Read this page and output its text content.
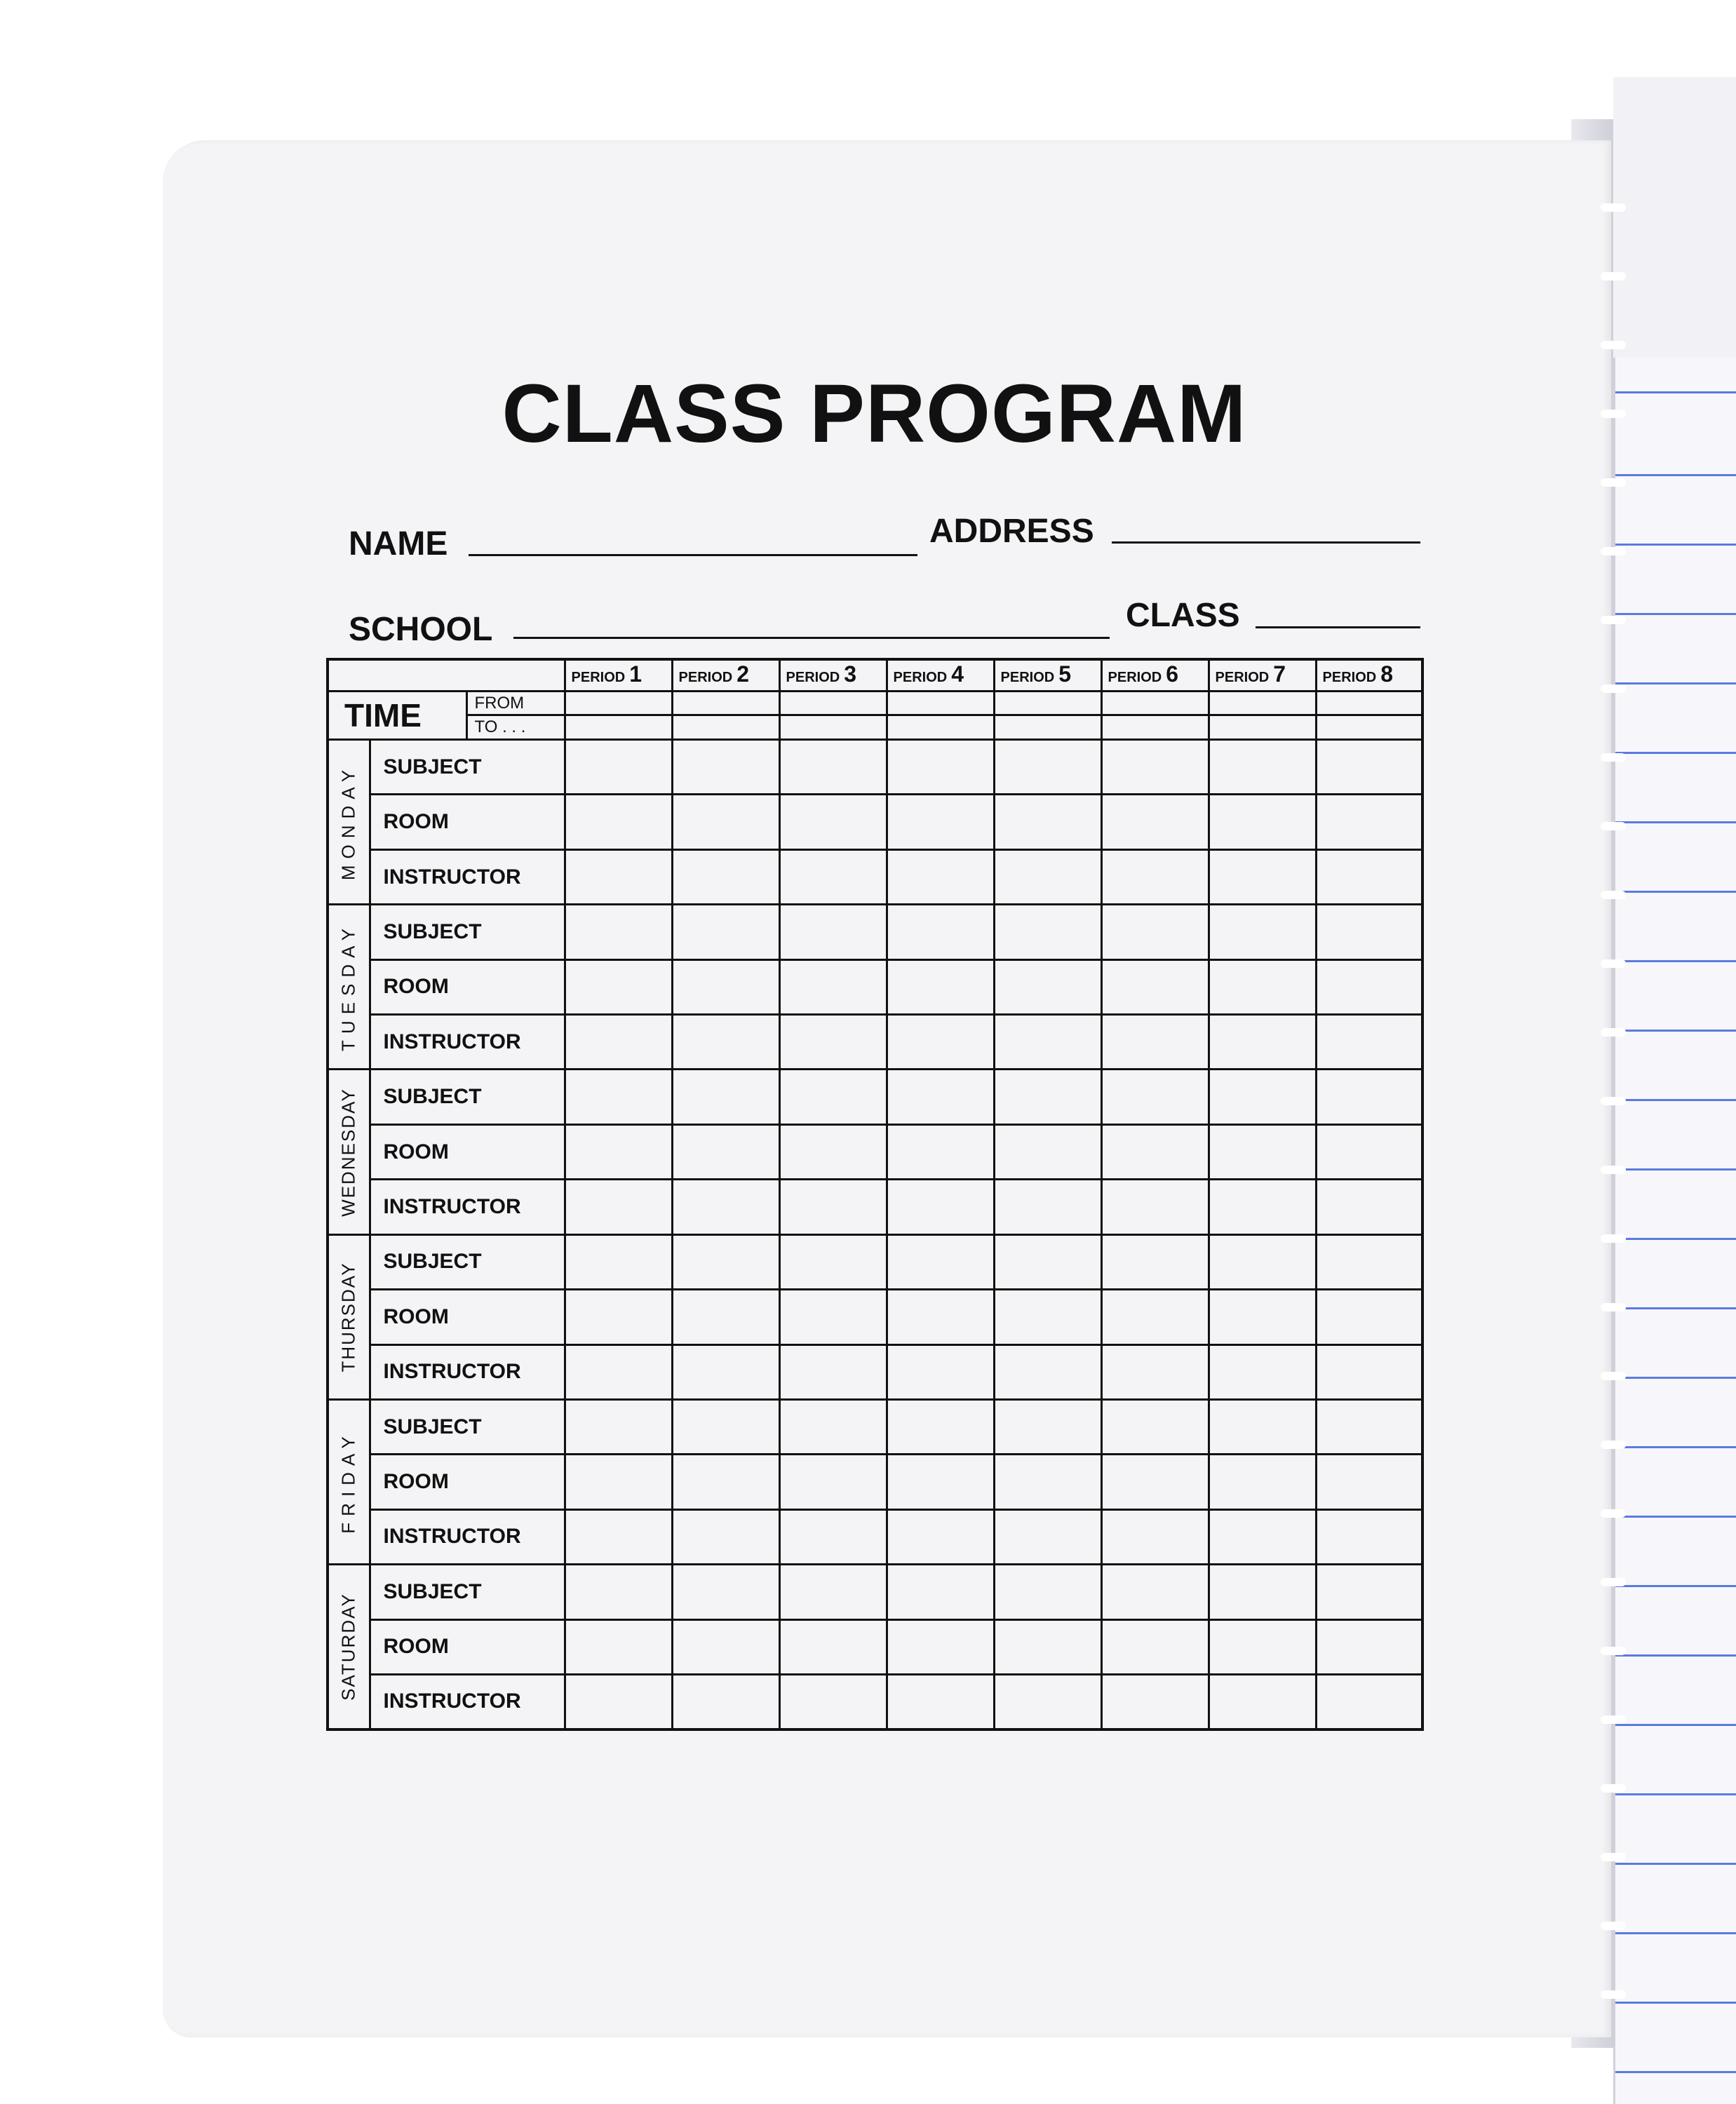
CLASS PROGRAM
NAME	ADDRESS
SCHOOL	CLASS
			PERIOD 1	PERIOD 2	PERIOD 3	PERIOD 4	PERIOD 5	PERIOD 6	PERIOD 7	PERIOD 8
TIME		FROM								
		TO . . .								

MONDAY	SUBJECT									
	ROOM									
	INSTRUCTOR									

TUESDAY	SUBJECT									
	ROOM									
	INSTRUCTOR									

WEDNESDAY	SUBJECT									
	ROOM									
	INSTRUCTOR									

THURSDAY	SUBJECT									
	ROOM									
	INSTRUCTOR									

FRIDAY	SUBJECT									
	ROOM									
	INSTRUCTOR									

SATURDAY	SUBJECT									
	ROOM									
	INSTRUCTOR									
